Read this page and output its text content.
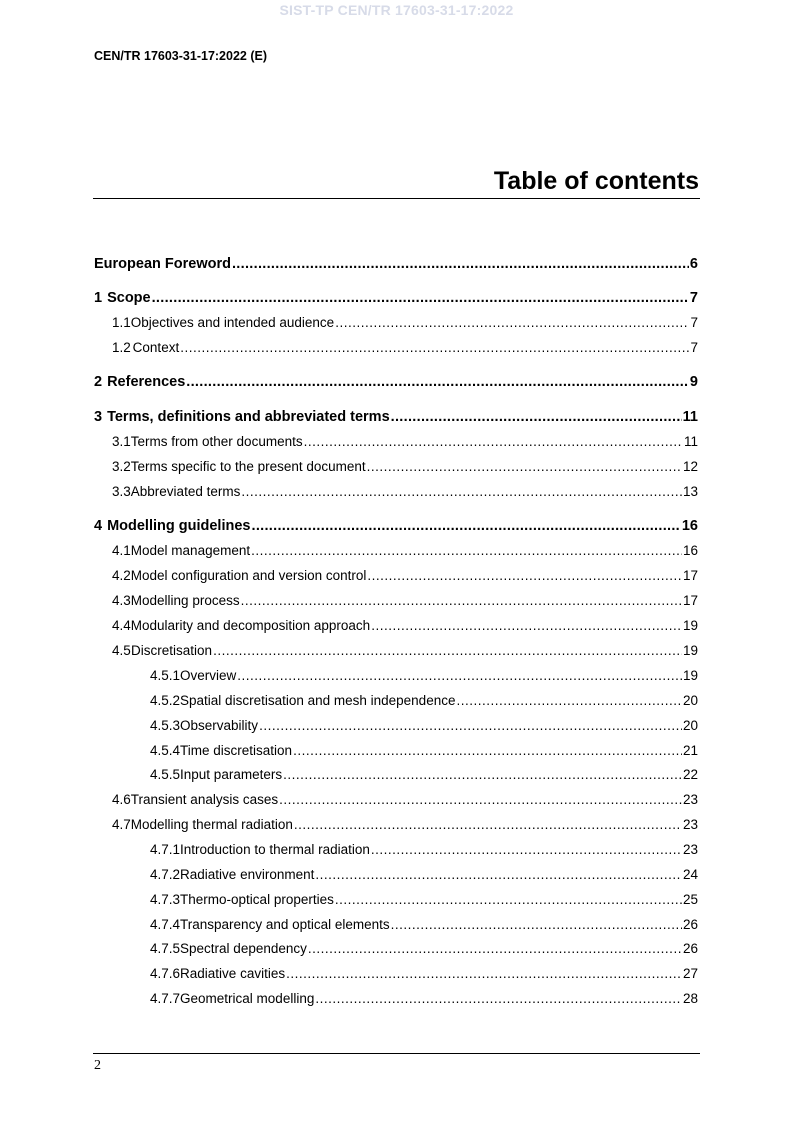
SIST-TP CEN/TR 17603-31-17:2022
CEN/TR 17603-31-17:2022 (E)
Table of contents
European Foreword .....	6
1 Scope .....	7
1.1 Objectives and intended audience .....	7
1.2 Context .....	7
2 References .....	9
3 Terms, definitions and abbreviated terms .....	11
3.1 Terms from other documents .....	11
3.2 Terms specific to the present document .....	12
3.3 Abbreviated terms .....	13
4 Modelling guidelines .....	16
4.1 Model management .....	16
4.2 Model configuration and version control .....	17
4.3 Modelling process .....	17
4.4 Modularity and decomposition approach .....	19
4.5 Discretisation .....	19
4.5.1 Overview .....	19
4.5.2 Spatial discretisation and mesh independence .....	20
4.5.3 Observability .....	20
4.5.4 Time discretisation .....	21
4.5.5 Input parameters .....	22
4.6 Transient analysis cases .....	23
4.7 Modelling thermal radiation .....	23
4.7.1 Introduction to thermal radiation .....	23
4.7.2 Radiative environment .....	24
4.7.3 Thermo-optical properties .....	25
4.7.4 Transparency and optical elements .....	26
4.7.5 Spectral dependency .....	26
4.7.6 Radiative cavities .....	27
4.7.7 Geometrical modelling .....	28
2
